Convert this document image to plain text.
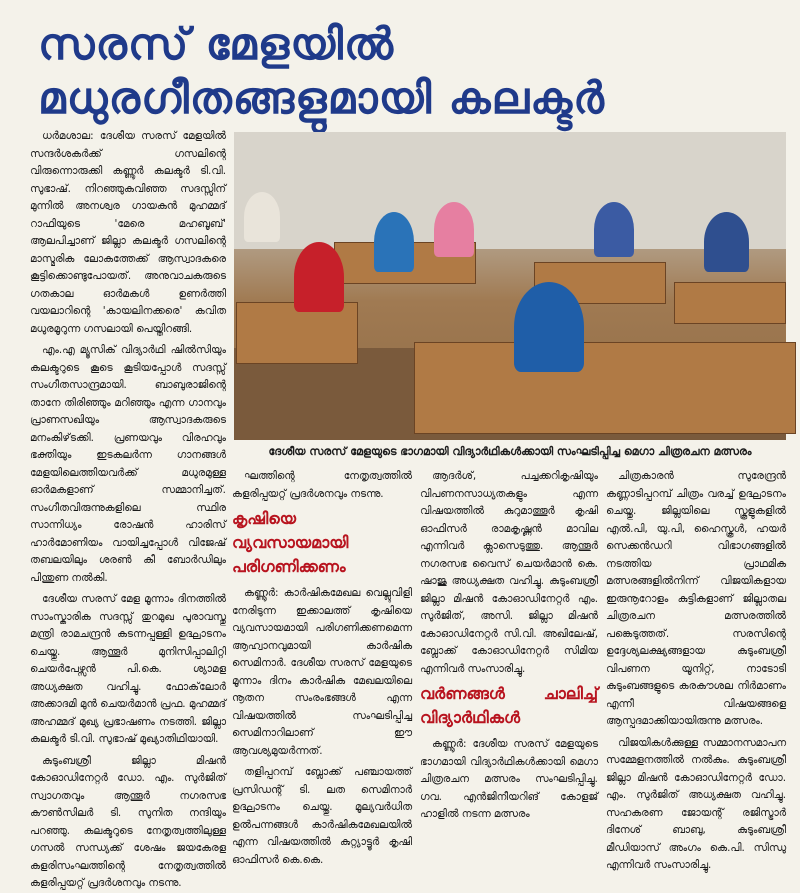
സരസ് മേളയിൽ മധുരഗീതങ്ങളുമായി കലക്ടർ
ദേശീയ സരസ് മേളയുടെ ഭാഗമായി വിദ്യാർഥികൾക്കായി സംഘടിപ്പിച്ച മെഗാ ചിത്രരചന മത്സരം

ധർമശാല: ദേശീയ സരസ് മേളയിൽ സന്ദർശകർക്ക് ഗസലിന്റെ വിരുന്നൊരുക്കി കണ്ണൂർ കലക്ടർ ടി.വി. സുഭാഷ്. നിറഞ്ഞുകവിഞ്ഞ സദസ്സിന് മുന്നിൽ അനശ്വര ഗായകൻ മുഹമ്മദ് റാഫിയുടെ 'മേരെ മഹബൂബ്' ആലപിച്ചാണ് ജില്ലാ കലക്ടർ ഗസലിന്റെ മാസ്മരിക ലോകത്തേക്ക് ആസ്വാദകരെ കൂട്ടിക്കൊണ്ടുപോയത്. അനുവാചകരുടെ ഗതകാല ഓർമകൾ ഉണർത്തി വയലാറിന്റെ 'കായലിനക്കരെ' കവിത മധുരമൂറുന്ന ഗസലായി പെയ്തിറങ്ങി.

എം.എ മ്യൂസിക് വിദ്യാർഥി ഷിൽസിയും കലക്ടറുടെ കൂടെ കൂടിയപ്പോൾ സദസ്സ് സംഗീതസാന്ദ്രമായി. ബാബുരാജിന്റെ താനേ തിരിഞ്ഞും മറിഞ്ഞും എന്ന ഗാനവും പ്രാണസഖിയും ആസ്വാദകരുടെ മനംകിഴ്‌ടക്കി. പ്രണയവും വിരഹവും ഭക്തിയും ഇടകലർന്ന ഗാനങ്ങൾ മേളയിലെത്തിയവർക്ക് മധുരമുള്ള ഓർമകളാണ് സമ്മാനിച്ചത്. സംഗീതവിരുന്നുകളിലെ സ്ഥിര സാന്നിധ്യം രോഷൻ ഹാരിസ് ഹാർമോണിയം വായിച്ചപ്പോൾ വിജേഷ് തബലയിലും ശരൺ കീ ബോർഡിലും പിന്തുണ നൽകി.

ദേശീയ സരസ് മേള മൂന്നാം ദിനത്തിൽ സാംസ്കാരിക സദസ്സ് തുറമുഖ പുരാവസ്തു മന്ത്രി രാമചന്ദ്രൻ കടന്നപ്പള്ളി ഉദ്ഘാടനം ചെയ്തു. ആന്തൂർ മുനിസിപ്പാലിറ്റി ചെയർപേഴ്സൻ പി.കെ. ശ്യാമള അധ്യക്ഷത വഹിച്ചു. ഫോക്‌ലോർ അക്കാദമി മുൻ ചെയർമാൻ പ്രഫ. മുഹമ്മദ് അഹമ്മദ് മുഖ്യ പ്രഭാഷണം നടത്തി. ജില്ലാ കലക്ടർ ടി.വി. സുഭാഷ് മുഖ്യാതിഥിയായി.

കുടുംബശ്രീ ജില്ലാ മിഷൻ കോഓഡിനേറ്റർ ഡോ. എം. സുർജിത് സ്വാഗതവും ആന്തൂർ നഗരസഭ കൗൺസിലർ ടി. സുനിത നന്ദിയും പറഞ്ഞു. കലക്ടറുടെ നേതൃത്വത്തിലുള്ള ഗസൽ സന്ധ്യക്ക് ശേഷം ജയകേരള കളരിസംഘത്തിന്റെ നേതൃത്വത്തിൽ കളരിപ്പയറ്റ് പ്രദർശനവും നടന്നു.

ഘത്തിന്റെ നേതൃത്വത്തിൽ കളരിപ്പയറ്റ് പ്രദർശനവും നടന്നു.

കൃഷിയെ വ്യവസായമായി പരിഗണിക്കണം

കണ്ണൂർ: കാർഷികമേഖല വെല്ലുവിളി നേരിടുന്ന ഇക്കാലത്ത് കൃഷിയെ വ്യവസായമായി പരിഗണിക്കണമെന്ന ആഹ്വാനവുമായി കാർഷിക സെമിനാർ. ദേശീയ സരസ് മേളയുടെ മൂന്നാം ദിനം കാർഷിക മേഖലയിലെ നൂതന സംരംഭങ്ങൾ എന്ന വിഷയത്തിൽ സംഘടിപ്പിച്ച സെമിനാറിലാണ് ഈ ആവശ്യമുയർന്നത്.

തളിപ്പറമ്പ് ബ്ലോക്ക് പഞ്ചായത്ത് പ്രസിഡന്റ് ടി. ലത സെമിനാർ ഉദ്ഘാടനം ചെയ്തു. മൂല്യവർധിത ഉൽപന്നങ്ങൾ കാർഷികമേഖലയിൽ എന്ന വിഷയത്തിൽ കുറ്റ്യാട്ടൂർ കൃഷി ഓഫിസർ കെ.കെ.

ആദർശ്, പച്ചക്കറികൃഷിയും വിപണനസാധ്യതകളും എന്ന വിഷയത്തിൽ കുറുമാത്തൂർ കൃഷി ഓഫിസർ രാമകൃഷ്ണൻ മാവില എന്നിവർ ക്ലാസെടുത്തു. ആന്തൂർ നഗരസഭ വൈസ് ചെയർമാൻ കെ. ഷാജു അധ്യക്ഷത വഹിച്ചു. കുടുംബശ്രീ ജില്ലാ മിഷൻ കോഓഡിനേറ്റർ എം. സുർജിത്, അസി. ജില്ലാ മിഷൻ കോഓഡിനേറ്റർ സി.വി. അഖിലേഷ്, ബ്ലോക്ക് കോഓഡിനേറ്റർ സിമിയ എന്നിവർ സംസാരിച്ചു.

വർണങ്ങൾ ചാലിച്ച് വിദ്യാർഥികൾ

കണ്ണൂർ: ദേശീയ സരസ് മേളയുടെ ഭാഗമായി വിദ്യാർഥികൾക്കായി മെഗാ ചിത്രരചന മത്സരം സംഘടിപ്പിച്ചു. ഗവ. എൻജിനീയറിങ് കോളജ് ഹാളിൽ നടന്ന മത്സരം

ചിത്രകാരൻ സുരേന്ദ്രൻ കണ്ണാടിപ്പറമ്പ് ചിത്രം വരച്ച് ഉദ്ഘാടനം ചെയ്തു. ജില്ലയിലെ സ്കൂളുകളിൽ എൽ.പി, യു.പി, ഹൈസ്കൂൾ, ഹയർ സെക്കൻഡറി വിഭാഗങ്ങളിൽ നടത്തിയ പ്രാഥമിക മത്സരങ്ങളിൽനിന്ന് വിജയികളായ ഇരുനൂറോളം കുട്ടികളാണ് ജില്ലാതല ചിത്രരചന മത്സരത്തിൽ പങ്കെടുത്തത്. സരസിന്റെ ഉദ്ദേശ്യലക്ഷ്യങ്ങളായ കുടുംബശ്രീ വിപണന യൂനിറ്റ്, നാടോടി കുടുംബങ്ങളുടെ കരകൗശല നിർമാണം എന്നീ വിഷയങ്ങളെ ആസ്പദമാക്കിയായിരുന്നു മത്സരം.

വിജയികൾക്കുള്ള സമ്മാനസമാപന സമ്മേളനത്തിൽ നൽകും. കുടുംബശ്രീ ജില്ലാ മിഷൻ കോഓഡിനേറ്റർ ഡോ. എം. സുർജിത് അധ്യക്ഷത വഹിച്ചു. സഹകരണ ജോയന്റ് രജിസ്ട്രാർ ദിനേശ് ബാബു, കുടുംബശ്രീ മീഡിയാസ് അംഗം കെ.പി. സിന്ധു എന്നിവർ സംസാരിച്ചു.
